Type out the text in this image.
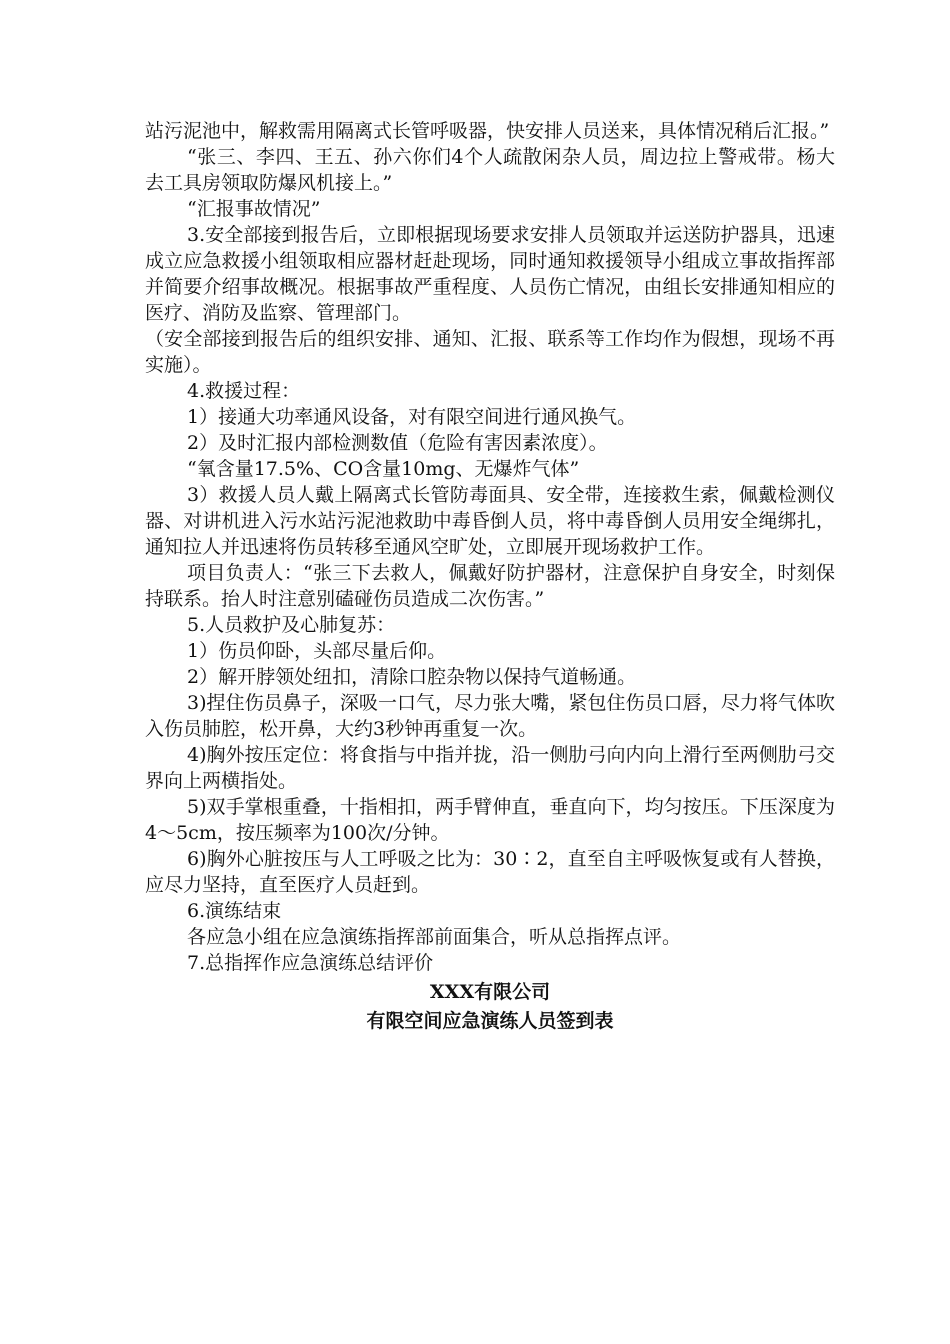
站污泥池中，解救需用隔离式长管呼吸器，快安排人员送来，具体情况稍后汇报。”

“张三、李四、王五、孙六你们4个人疏散闲杂人员，周边拉上警戒带。杨大去工具房领取防爆风机接上。”

“汇报事故情况”

3.安全部接到报告后，立即根据现场要求安排人员领取并运送防护器具，迅速成立应急救援小组领取相应器材赶赴现场，同时通知救援领导小组成立事故指挥部并简要介绍事故概况。根据事故严重程度、人员伤亡情况，由组长安排通知相应的医疗、消防及监察、管理部门。

（安全部接到报告后的组织安排、通知、汇报、联系等工作均作为假想，现场不再实施）。

4.救援过程：

1）接通大功率通风设备，对有限空间进行通风换气。

2）及时汇报内部检测数值（危险有害因素浓度）。

“氧含量17.5%、CO含量10mg、无爆炸气体”

3）救援人员人戴上隔离式长管防毒面具、安全带，连接救生索，佩戴检测仪器、对讲机进入污水站污泥池救助中毒昏倒人员，将中毒昏倒人员用安全绳绑扎，通知拉人并迅速将伤员转移至通风空旷处，立即展开现场救护工作。

项目负责人：“张三下去救人，佩戴好防护器材，注意保护自身安全，时刻保持联系。抬人时注意别磕碰伤员造成二次伤害。”

5.人员救护及心肺复苏：

1）伤员仰卧，头部尽量后仰。

2）解开脖领处纽扣，清除口腔杂物以保持气道畅通。

3)捏住伤员鼻子，深吸一口气，尽力张大嘴，紧包住伤员口唇，尽力将气体吹入伤员肺腔，松开鼻，大约3秒钟再重复一次。

4)胸外按压定位：将食指与中指并拢，沿一侧肋弓向内向上滑行至两侧肋弓交界向上两横指处。

5)双手掌根重叠，十指相扣，两手臂伸直，垂直向下，均匀按压。下压深度为4～5cm，按压频率为100次/分钟。

6)胸外心脏按压与人工呼吸之比为：30∶2，直至自主呼吸恢复或有人替换，应尽力坚持，直至医疗人员赶到。

6.演练结束

各应急小组在应急演练指挥部前面集合，听从总指挥点评。

7.总指挥作应急演练总结评价

XXX有限公司
有限空间应急演练人员签到表
